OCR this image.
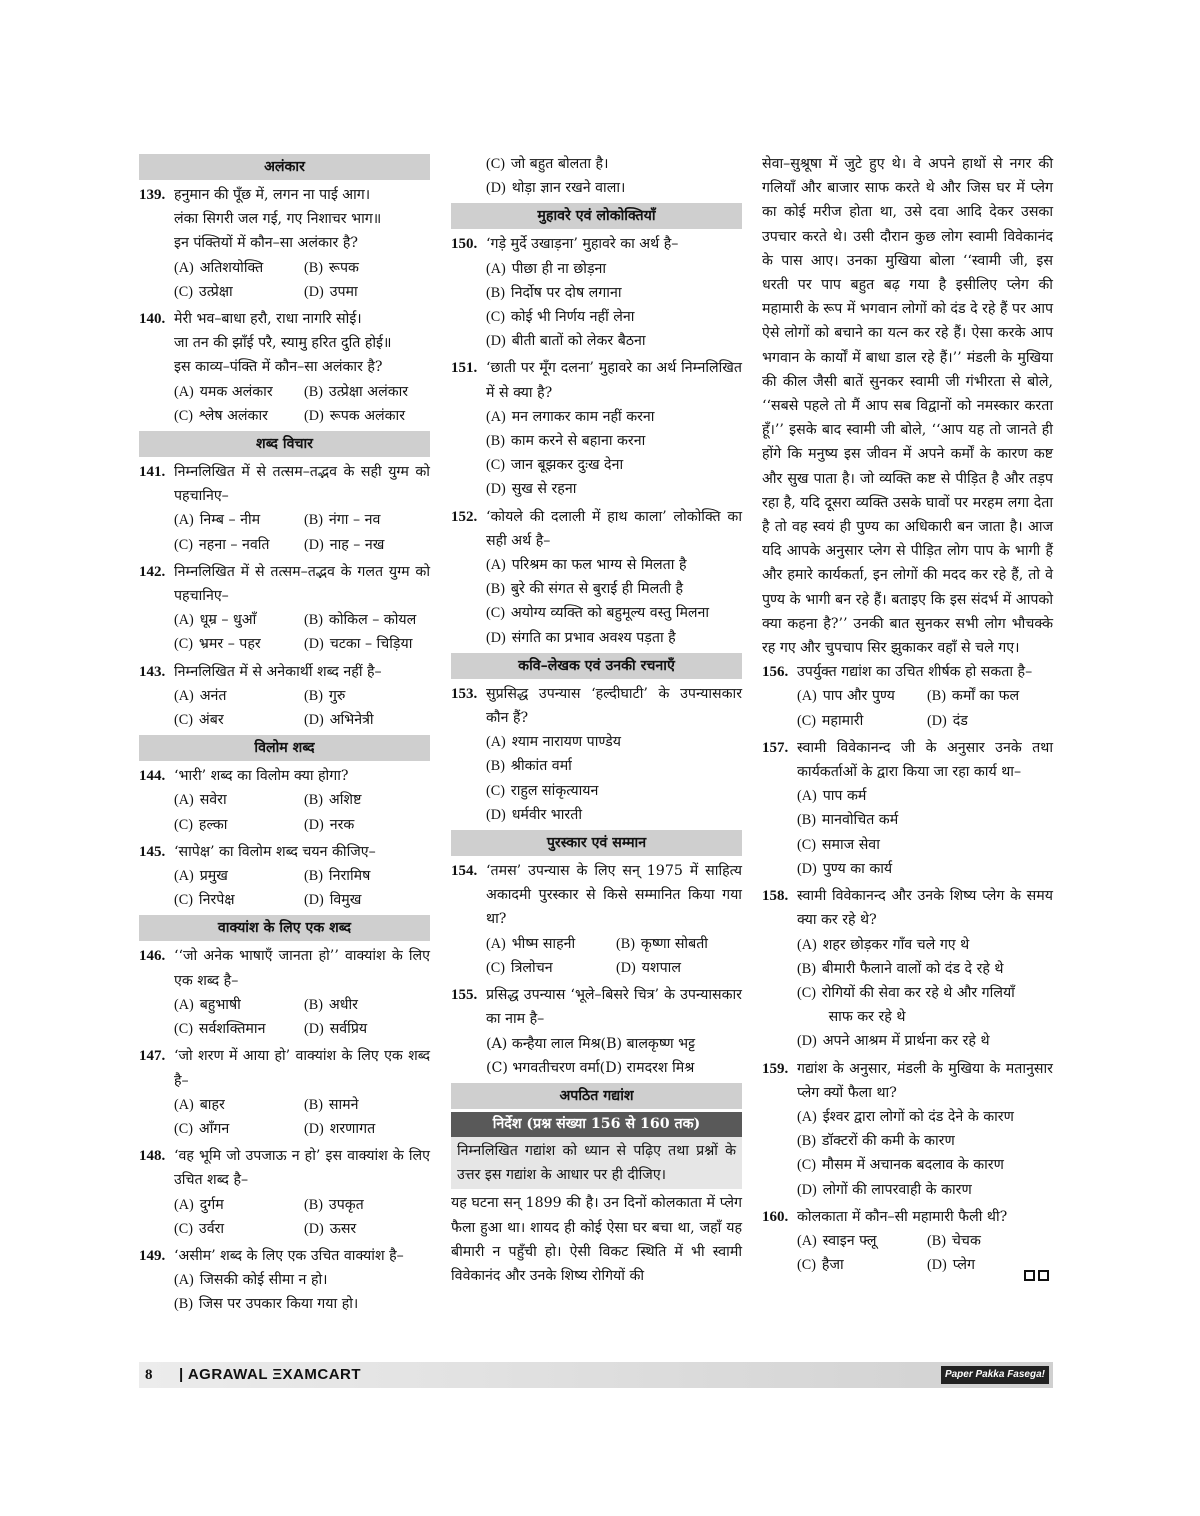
अलंकार
139. हनुमान की पूँछ में, लगन ना पाई आग।
लंका सिगरी जल गई, गए निशाचर भाग॥
इन पंक्तियों में कौन–सा अलंकार है?
(A) अतिशयोक्ति	(B) रूपक
(C) उत्प्रेक्षा	(D) उपमा
140. मेरी भव–बाधा हरौ, राधा नागरि सोई।
जा तन की झाँई परै, स्यामु हरित दुति होई॥
इस काव्य–पंक्ति में कौन–सा अलंकार है?
(A) यमक अलंकार	(B) उत्प्रेक्षा अलंकार
(C) श्लेष अलंकार	(D) रूपक अलंकार
शब्द विचार
141. निम्नलिखित में से तत्सम–तद्भव के सही युग्म को पहचानिए–
(A) निम्ब – नीम	(B) नंगा – नव
(C) नहना – नवति	(D) नाह – नख
142. निम्नलिखित में से तत्सम–तद्भव के गलत युग्म को पहचानिए–
(A) धूम्र – धुआँ	(B) कोकिल – कोयल
(C) भ्रमर – पहर	(D) चटका – चिड़िया
143. निम्नलिखित में से अनेकार्थी शब्द नहीं है–
(A) अनंत	(B) गुरु
(C) अंबर	(D) अभिनेत्री
विलोम शब्द
144. ‘भारी’ शब्द का विलोम क्या होगा?
(A) सवेरा	(B) अशिष्ट
(C) हल्का	(D) नरक
145. ‘सापेक्ष’ का विलोम शब्द चयन कीजिए–
(A) प्रमुख	(B) निरामिष
(C) निरपेक्ष	(D) विमुख
वाक्यांश के लिए एक शब्द
146. ‘‘जो अनेक भाषाएँ जानता हो’’ वाक्यांश के लिए एक शब्द है–
(A) बहुभाषी	(B) अधीर
(C) सर्वशक्तिमान	(D) सर्वप्रिय
147. ‘जो शरण में आया हो’ वाक्यांश के लिए एक शब्द है–
(A) बाहर	(B) सामने
(C) आँगन	(D) शरणागत
148. ‘वह भूमि जो उपजाऊ न हो’ इस वाक्यांश के लिए उचित शब्द है–
(A) दुर्गम	(B) उपकृत
(C) उर्वरा	(D) ऊसर
149. ‘असीम’ शब्द के लिए एक उचित वाक्यांश है–
(A) जिसकी कोई सीमा न हो।
(B) जिस पर उपकार किया गया हो।
(C) जो बहुत बोलता है।
(D) थोड़ा ज्ञान रखने वाला।
मुहावरे एवं लोकोक्तियाँ
150. ‘गड़े मुर्दे उखाड़ना’ मुहावरे का अर्थ है–
(A) पीछा ही ना छोड़ना
(B) निर्दोष पर दोष लगाना
(C) कोई भी निर्णय नहीं लेना
(D) बीती बातों को लेकर बैठना
151. ‘छाती पर मूँग दलना’ मुहावरे का अर्थ निम्नलिखित में से क्या है?
(A) मन लगाकर काम नहीं करना
(B) काम करने से बहाना करना
(C) जान बूझकर दुःख देना
(D) सुख से रहना
152. ‘कोयले की दलाली में हाथ काला’ लोकोक्ति का सही अर्थ है–
(A) परिश्रम का फल भाग्य से मिलता है
(B) बुरे की संगत से बुराई ही मिलती है
(C) अयोग्य व्यक्ति को बहुमूल्य वस्तु मिलना
(D) संगति का प्रभाव अवश्य पड़ता है
कवि–लेखक एवं उनकी रचनाएँ
153. सुप्रसिद्ध उपन्यास ‘हल्दीघाटी’ के उपन्यासकार कौन हैं?
(A) श्याम नारायण पाण्डेय
(B) श्रीकांत वर्मा
(C) राहुल सांकृत्यायन
(D) धर्मवीर भारती
पुरस्कार एवं सम्मान
154. ‘तमस’ उपन्यास के लिए सन् 1975 में साहित्य अकादमी पुरस्कार से किसे सम्मानित किया गया था?
(A) भीष्म साहनी	(B) कृष्णा सोबती
(C) त्रिलोचन	(D) यशपाल
155. प्रसिद्ध उपन्यास ‘भूले–बिसरे चित्र’ के उपन्यासकार का नाम है–
(A) कन्हैया लाल मिश्र(B) बालकृष्ण भट्ट
(C) भगवतीचरण वर्मा(D) रामदरश मिश्र
अपठित गद्यांश
निर्देश (प्रश्न संख्या 156 से 160 तक)
निम्नलिखित गद्यांश को ध्यान से पढ़िए तथा प्रश्नों के उत्तर इस गद्यांश के आधार पर ही दीजिए।
यह घटना सन् 1899 की है। उन दिनों कोलकाता में प्लेग फैला हुआ था। शायद ही कोई ऐसा घर बचा था, जहाँ यह बीमारी न पहुँची हो। ऐसी विकट स्थिति में भी स्वामी विवेकानंद और उनके शिष्य रोगियों की
सेवा–सुश्रूषा में जुटे हुए थे। वे अपने हाथों से नगर की गलियाँ और बाजार साफ करते थे और जिस घर में प्लेग का कोई मरीज होता था, उसे दवा आदि देकर उसका उपचार करते थे। उसी दौरान कुछ लोग स्वामी विवेकानंद के पास आए। उनका मुखिया बोला ‘‘स्वामी जी, इस धरती पर पाप बहुत बढ़ गया है इसीलिए प्लेग की महामारी के रूप में भगवान लोगों को दंड दे रहे हैं पर आप ऐसे लोगों को बचाने का यत्न कर रहे हैं। ऐसा करके आप भगवान के कार्यों में बाधा डाल रहे हैं।’’ मंडली के मुखिया की कील जैसी बातें सुनकर स्वामी जी गंभीरता से बोले, ‘‘सबसे पहले तो मैं आप सब विद्वानों को नमस्कार करता हूँ।’’ इसके बाद स्वामी जी बोले, ‘‘आप यह तो जानते ही होंगे कि मनुष्य इस जीवन में अपने कर्मों के कारण कष्ट और सुख पाता है। जो व्यक्ति कष्ट से पीड़ित है और तड़प रहा है, यदि दूसरा व्यक्ति उसके घावों पर मरहम लगा देता है तो वह स्वयं ही पुण्य का अधिकारी बन जाता है। आज यदि आपके अनुसार प्लेग से पीड़ित लोग पाप के भागी हैं और हमारे कार्यकर्ता, इन लोगों की मदद कर रहे हैं, तो वे पुण्य के भागी बन रहे हैं। बताइए कि इस संदर्भ में आपको क्या कहना है?’’ उनकी बात सुनकर सभी लोग भौचक्के रह गए और चुपचाप सिर झुकाकर वहाँ से चले गए।
156. उपर्युक्त गद्यांश का उचित शीर्षक हो सकता है–
(A) पाप और पुण्य	(B) कर्मों का फल
(C) महामारी	(D) दंड
157. स्वामी विवेकानन्द जी के अनुसार उनके तथा कार्यकर्ताओं के द्वारा किया जा रहा कार्य था–
(A) पाप कर्म
(B) मानवोचित कर्म
(C) समाज सेवा
(D) पुण्य का कार्य
158. स्वामी विवेकानन्द और उनके शिष्य प्लेग के समय क्या कर रहे थे?
(A) शहर छोड़कर गाँव चले गए थे
(B) बीमारी फैलाने वालों को दंड दे रहे थे
(C) रोगियों की सेवा कर रहे थे और गलियाँ
साफ कर रहे थे
(D) अपने आश्रम में प्रार्थना कर रहे थे
159. गद्यांश के अनुसार, मंडली के मुखिया के मतानुसार प्लेग क्यों फैला था?
(A) ईश्वर द्वारा लोगों को दंड देने के कारण
(B) डॉक्टरों की कमी के कारण
(C) मौसम में अचानक बदलाव के कारण
(D) लोगों की लापरवाही के कारण
160. कोलकाता में कौन–सी महामारी फैली थी?
(A) स्वाइन फ्लू	(B) चेचक
(C) हैजा	(D) प्लेग
8 | AGRAWAL ΞXAMCART	Paper Pakka Fasega!
